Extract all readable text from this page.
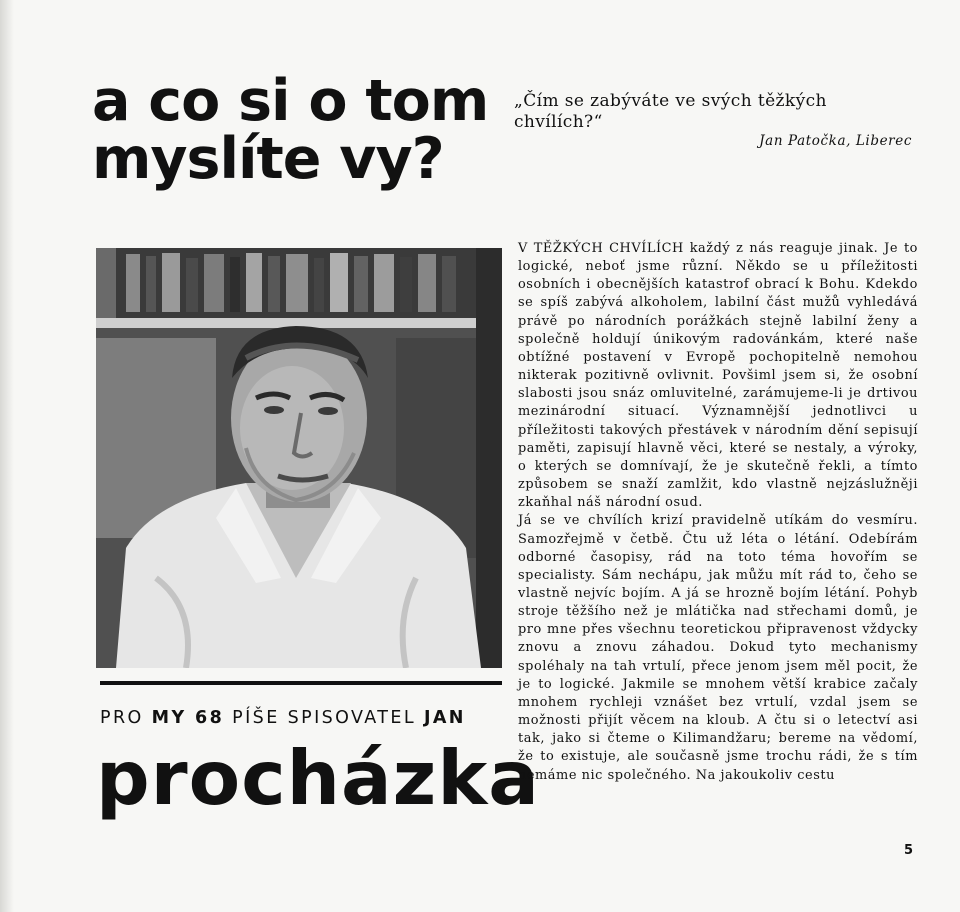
a co si o tom
myslíte vy?
„Čím se zabýváte ve svých těžkých chvílích?“
Jan Patočka, Liberec
PRO MY 68 PÍŠE SPISOVATEL JAN
procházka

V TĚŽKÝCH CHVÍLÍCH každý z nás reaguje jinak. Je to logické, neboť jsme různí. Někdo se u příležitosti osobních i obecnějších katastrof obrací k Bohu. Kdekdo se spíš zabývá alkoholem, labilní část mužů vyhledává právě po národních porážkách stejně labilní ženy a společně holdují únikovým radovánkám, které naše obtížné postavení v Evropě pochopitelně nemohou nikterak pozitivně ovlivnit. Povšiml jsem si, že osobní slabosti jsou snáz omluvitelné, zarámujeme-li je drtivou mezinárodní situací. Významnější jednotlivci u příležitosti takových přestávek v národním dění sepisují paměti, zapisují hlavně věci, které se nestaly, a výroky, o kterých se domnívají, že je skutečně řekli, a tímto způsobem se snaží zamlžit, kdo vlastně nejzáslužněji zkaňhal náš národní osud.

Já se ve chvílích krizí pravidelně utíkám do vesmíru. Samozřejmě v četbě. Čtu už léta o létání. Odebírám odborné časopisy, rád na toto téma hovořím se specialisty. Sám nechápu, jak můžu mít rád to, čeho se vlastně nejvíc bojím. A já se hrozně bojím létání. Pohyb stroje těžšího než je mlátička nad střechami domů, je pro mne přes všechnu teoretickou připravenost vždycky znovu a znovu záhadou. Dokud tyto mechanismy spoléhaly na tah vrtulí, přece jenom jsem měl pocit, že je to logické. Jakmile se mnohem větší krabice začaly mnohem rychleji vznášet bez vrtulí, vzdal jsem se možnosti přijít věcem na kloub. A čtu si o letectví asi tak, jako si čteme o Kilimandžaru; bereme na vědomí, že to existuje, ale současně jsme trochu rádi, že s tím nemáme nic společného. Na jakoukoliv cestu

5
